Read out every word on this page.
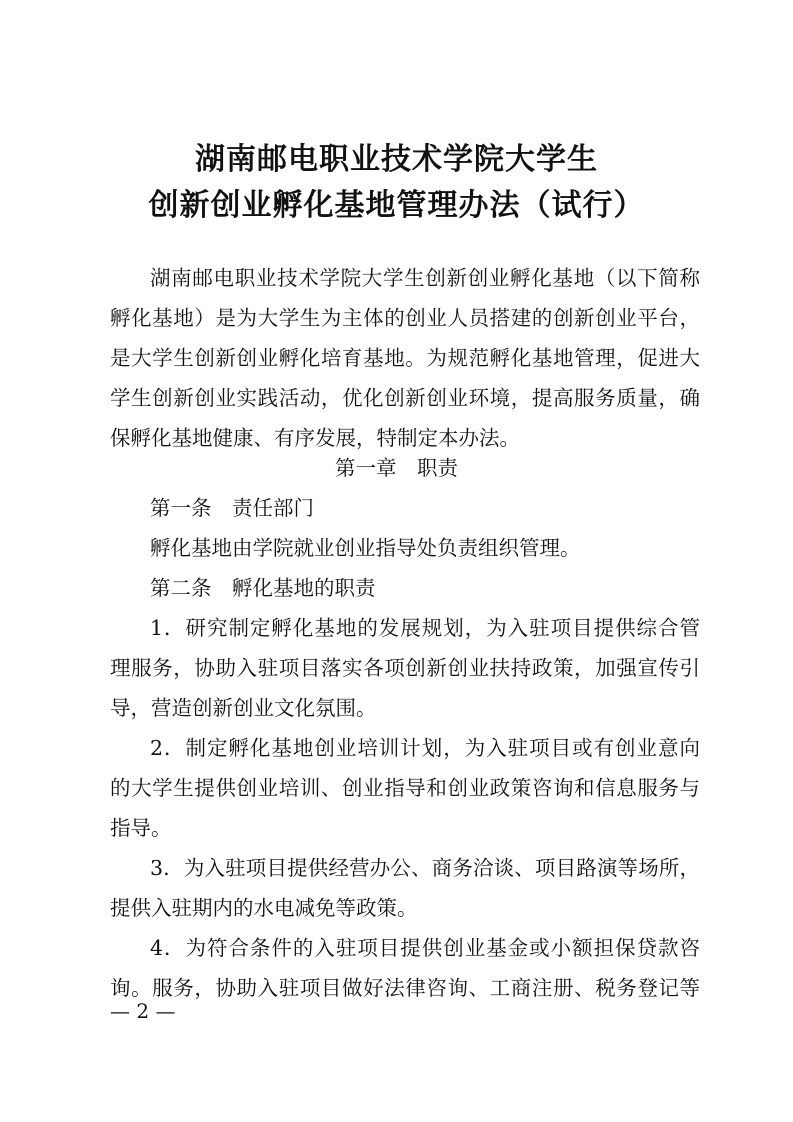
湖南邮电职业技术学院大学生
创新创业孵化基地管理办法（试行）
湖南邮电职业技术学院大学生创新创业孵化基地（以下简称
孵化基地）是为大学生为主体的创业人员搭建的创新创业平台，
是大学生创新创业孵化培育基地。为规范孵化基地管理，促进大
学生创新创业实践活动，优化创新创业环境，提高服务质量，确
保孵化基地健康、有序发展，特制定本办法。
第一章　职责
第一条　责任部门
孵化基地由学院就业创业指导处负责组织管理。
第二条　孵化基地的职责
1．研究制定孵化基地的发展规划，为入驻项目提供综合管
理服务，协助入驻项目落实各项创新创业扶持政策，加强宣传引
导，营造创新创业文化氛围。
2．制定孵化基地创业培训计划，为入驻项目或有创业意向
的大学生提供创业培训、创业指导和创业政策咨询和信息服务与
指导。
3．为入驻项目提供经营办公、商务洽谈、项目路演等场所，
提供入驻期内的水电减免等政策。
4．为符合条件的入驻项目提供创业基金或小额担保贷款咨
询。服务，协助入驻项目做好法律咨询、工商注册、税务登记等
— 2 —
